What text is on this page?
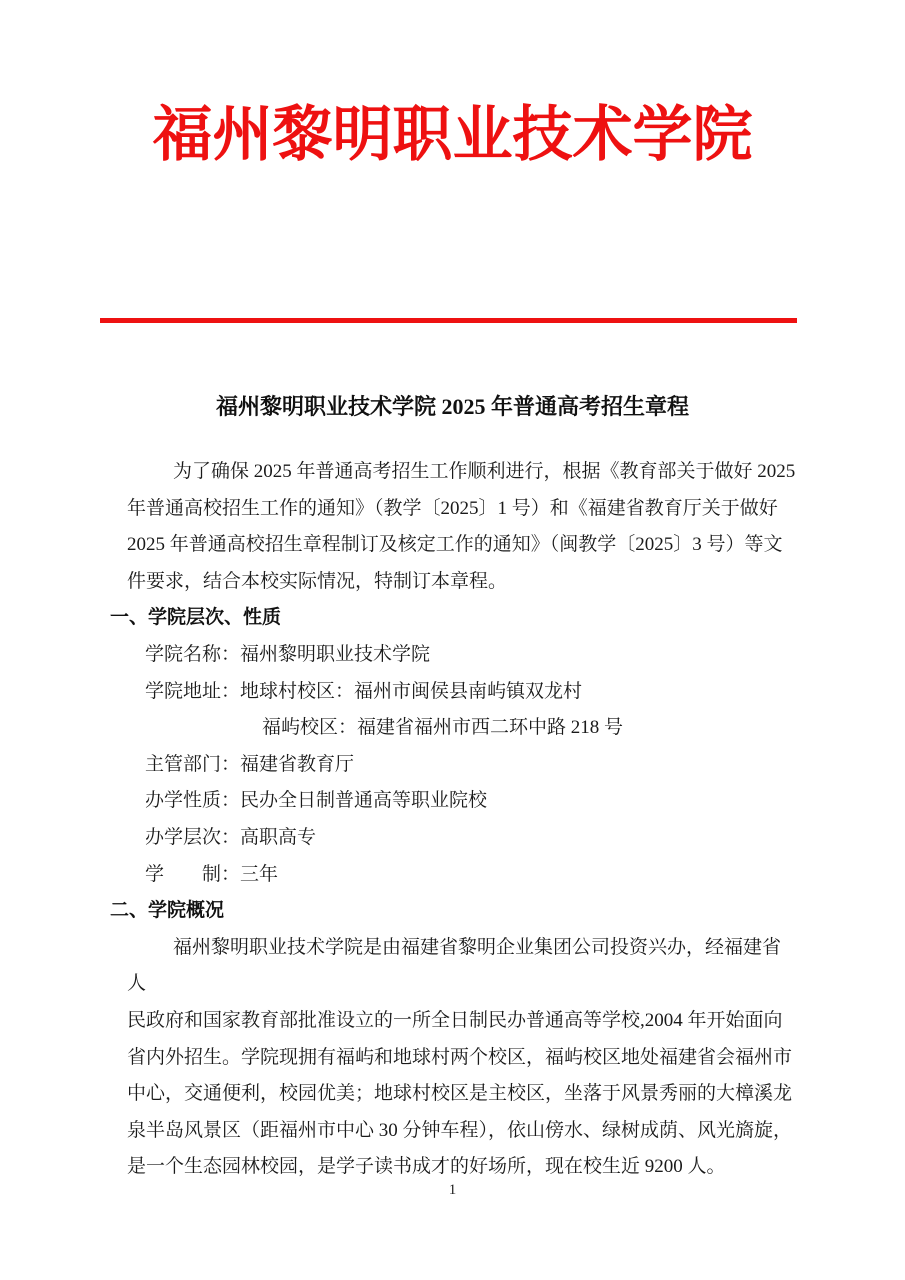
福州黎明职业技术学院
福州黎明职业技术学院 2025 年普通高考招生章程
为了确保 2025 年普通高考招生工作顺利进行，根据《教育部关于做好 2025
年普通高校招生工作的通知》（教学〔2025〕1 号）和《福建省教育厅关于做好
2025 年普通高校招生章程制订及核定工作的通知》（闽教学〔2025〕3 号）等文
件要求，结合本校实际情况，特制订本章程。
一、学院层次、性质
学院名称：福州黎明职业技术学院
学院地址：地球村校区：福州市闽侯县南屿镇双龙村
福屿校区：福建省福州市西二环中路 218 号
主管部门：福建省教育厅
办学性质：民办全日制普通高等职业院校
办学层次：高职高专
学　　制：三年
二、学院概况
福州黎明职业技术学院是由福建省黎明企业集团公司投资兴办，经福建省人
民政府和国家教育部批准设立的一所全日制民办普通高等学校,2004 年开始面向
省内外招生。学院现拥有福屿和地球村两个校区，福屿校区地处福建省会福州市
中心，交通便利，校园优美；地球村校区是主校区，坐落于风景秀丽的大樟溪龙
泉半岛风景区（距福州市中心 30 分钟车程），依山傍水、绿树成荫、风光旖旋，
是一个生态园林校园，是学子读书成才的好场所，现在校生近 9200 人。
1
